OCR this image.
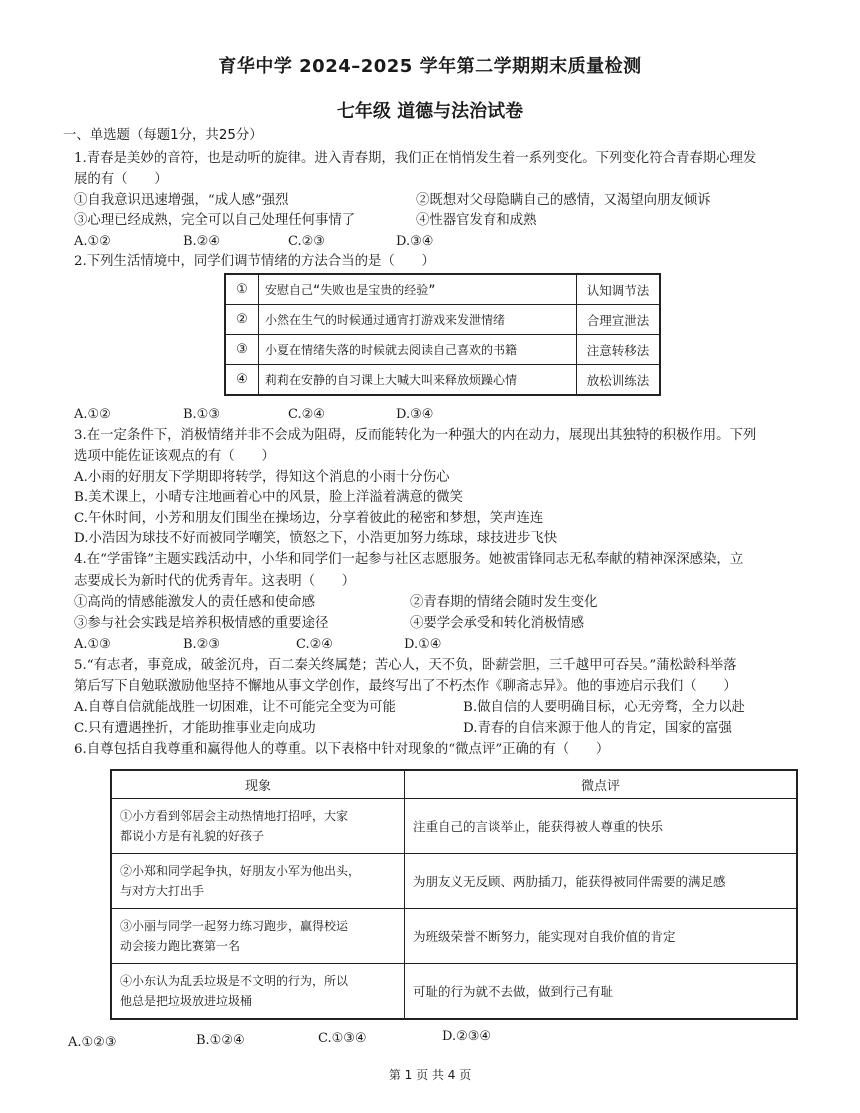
育华中学 2024–2025 学年第二学期期末质量检测
七年级 道德与法治试卷
一、单选题（每题1分，共25分）
1.青春是美妙的音符，也是动听的旋律。进入青春期，我们正在悄悄发生着一系列变化。下列变化符合青春期心理发
展的有（　　）
①自我意识迅速增强，“成人感”强烈	②既想对父母隐瞒自己的感情，又渴望向朋友倾诉
③心理已经成熟，完全可以自己处理任何事情了	④性器官发育和成熟
A.①②	B.②④	C.②③	D.③④
2.下列生活情境中，同学们调节情绪的方法合当的是（　　）
①	安慰自己“失败也是宝贵的经验”	认知调节法
②	小然在生气的时候通过通宵打游戏来发泄情绪	合理宣泄法
③	小夏在情绪失落的时候就去阅读自己喜欢的书籍	注意转移法
④	莉莉在安静的自习课上大喊大叫来释放烦躁心情	放松训练法
A.①②	B.①③	C.②④	D.③④
3.在一定条件下，消极情绪并非不会成为阻碍，反而能转化为一种强大的内在动力，展现出其独特的积极作用。下列
选项中能佐证该观点的有（　　）
A.小雨的好朋友下学期即将转学，得知这个消息的小雨十分伤心
B.美术课上，小晴专注地画着心中的风景，脸上洋溢着满意的微笑
C.午休时间，小芳和朋友们围坐在操场边，分享着彼此的秘密和梦想，笑声连连
D.小浩因为球技不好而被同学嘲笑，愤怒之下，小浩更加努力练球，球技进步飞快
4.在“学雷锋”主题实践活动中，小华和同学们一起参与社区志愿服务。她被雷锋同志无私奉献的精神深深感染，立
志要成长为新时代的优秀青年。这表明（　　）
①高尚的情感能激发人的责任感和使命感	②青春期的情绪会随时发生变化
③参与社会实践是培养积极情感的重要途径	④要学会承受和转化消极情感
A.①③	B.②③	C.②④	D.①④
5.“有志者，事竟成，破釜沉舟，百二秦关终属楚；苦心人，天不负，卧薪尝胆，三千越甲可吞吴。”蒲松龄科举落
第后写下自勉联激励他坚持不懈地从事文学创作，最终写出了不朽杰作《聊斋志异》。他的事迹启示我们（　　）
A.自尊自信就能战胜一切困难，让不可能完全变为可能	B.做自信的人要明确目标，心无旁骛，全力以赴
C.只有遭遇挫折，才能助推事业走向成功	D.青春的自信来源于他人的肯定，国家的富强
6.自尊包括自我尊重和赢得他人的尊重。以下表格中针对现象的“微点评”正确的有（　　）
现象	微点评
①小方看到邻居会主动热情地打招呼，大家
都说小方是有礼貌的好孩子	注重自己的言谈举止，能获得被人尊重的快乐
②小郑和同学起争执，好朋友小军为他出头，
与对方大打出手	为朋友义无反顾、两肋插刀，能获得被同伴需要的满足感
③小丽与同学一起努力练习跑步，赢得校运
动会接力跑比赛第一名	为班级荣誉不断努力，能实现对自我价值的肯定
④小东认为乱丢垃圾是不文明的行为，所以
他总是把垃圾放进垃圾桶	可耻的行为就不去做，做到行己有耻
A.①②③	B.①②④	C.①③④	D.②③④
第 1 页 共 4 页
